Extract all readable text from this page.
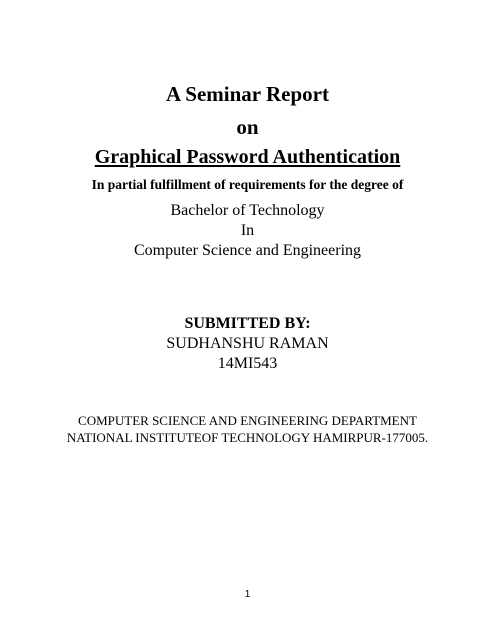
A Seminar Report
on
Graphical Password Authentication
In partial fulfillment of requirements for the degree of
Bachelor of Technology
In
Computer Science and Engineering
SUBMITTED BY:
SUDHANSHU RAMAN
14MI543
COMPUTER SCIENCE AND ENGINEERING DEPARTMENT
NATIONAL INSTITUTEOF TECHNOLOGY HAMIRPUR-177005.
1
